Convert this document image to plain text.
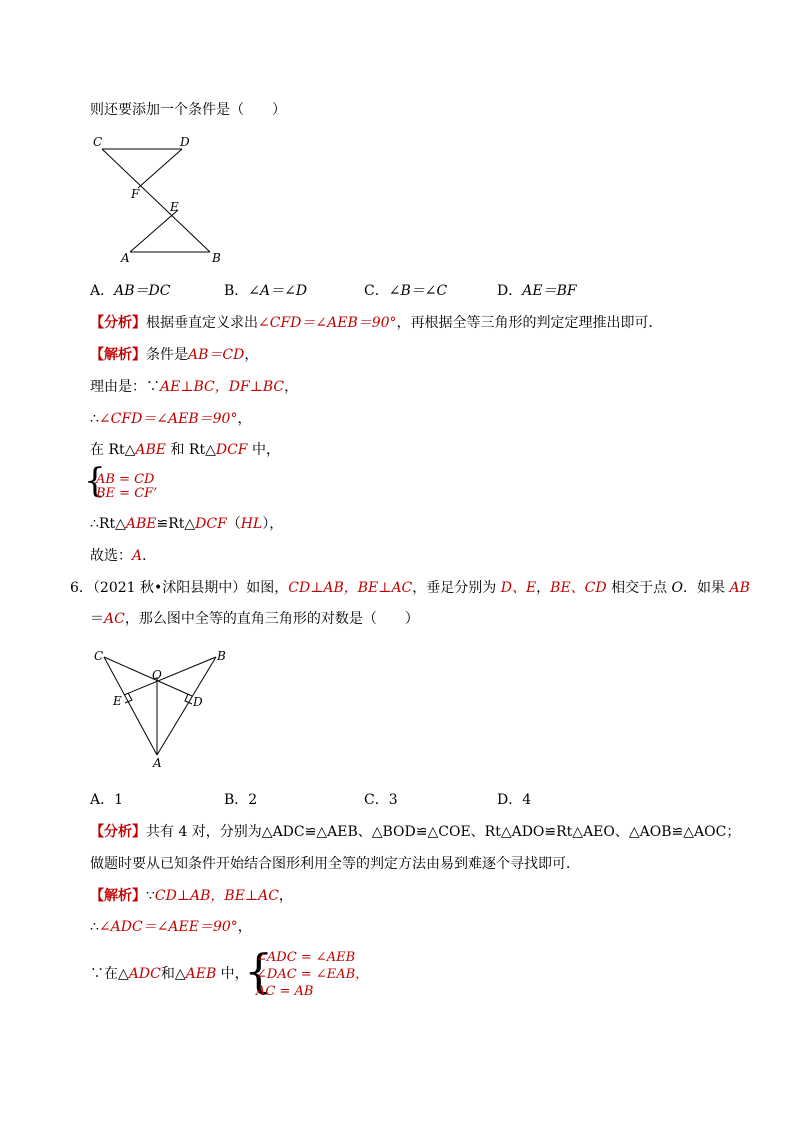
则还要添加一个条件是（　　）
C	D
F
E
A	B
A．AB＝DC	B．∠A＝∠D	C．∠B＝∠C	D．AE＝BF
【分析】根据垂直定义求出∠CFD＝∠AEB＝90°，再根据全等三角形的判定定理推出即可．
【解析】条件是AB＝CD，
理由是：∵AE⊥BC，DF⊥BC，
∴∠CFD＝∠AEB＝90°，
在 Rt△ABE 和 Rt△DCF 中，
{
AB = CD
BE = CF’
∴Rt△ABE≌Rt△DCF（HL），
故选：A．
6．（2021 秋•沭阳县期中）如图，CD⊥AB，BE⊥AC，垂足分别为 D、E，BE、CD 相交于点 O．如果 AB
＝AC，那么图中全等的直角三角形的对数是（　　）
C	B
O
E	D
A
A．1	B．2	C．3	D．4
【分析】共有 4 对，分别为△ADC≌△AEB、△BOD≌△COE、Rt△ADO≌Rt△AEO、△AOB≌△AOC；
做题时要从已知条件开始结合图形利用全等的判定方法由易到难逐个寻找即可．
【解析】∵CD⊥AB，BE⊥AC，
∴∠ADC＝∠AEE＝90°，
∵在△ADC和△AEB 中，
{
∠ADC = ∠AEB
∠DAC = ∠EAB，
AC = AB
